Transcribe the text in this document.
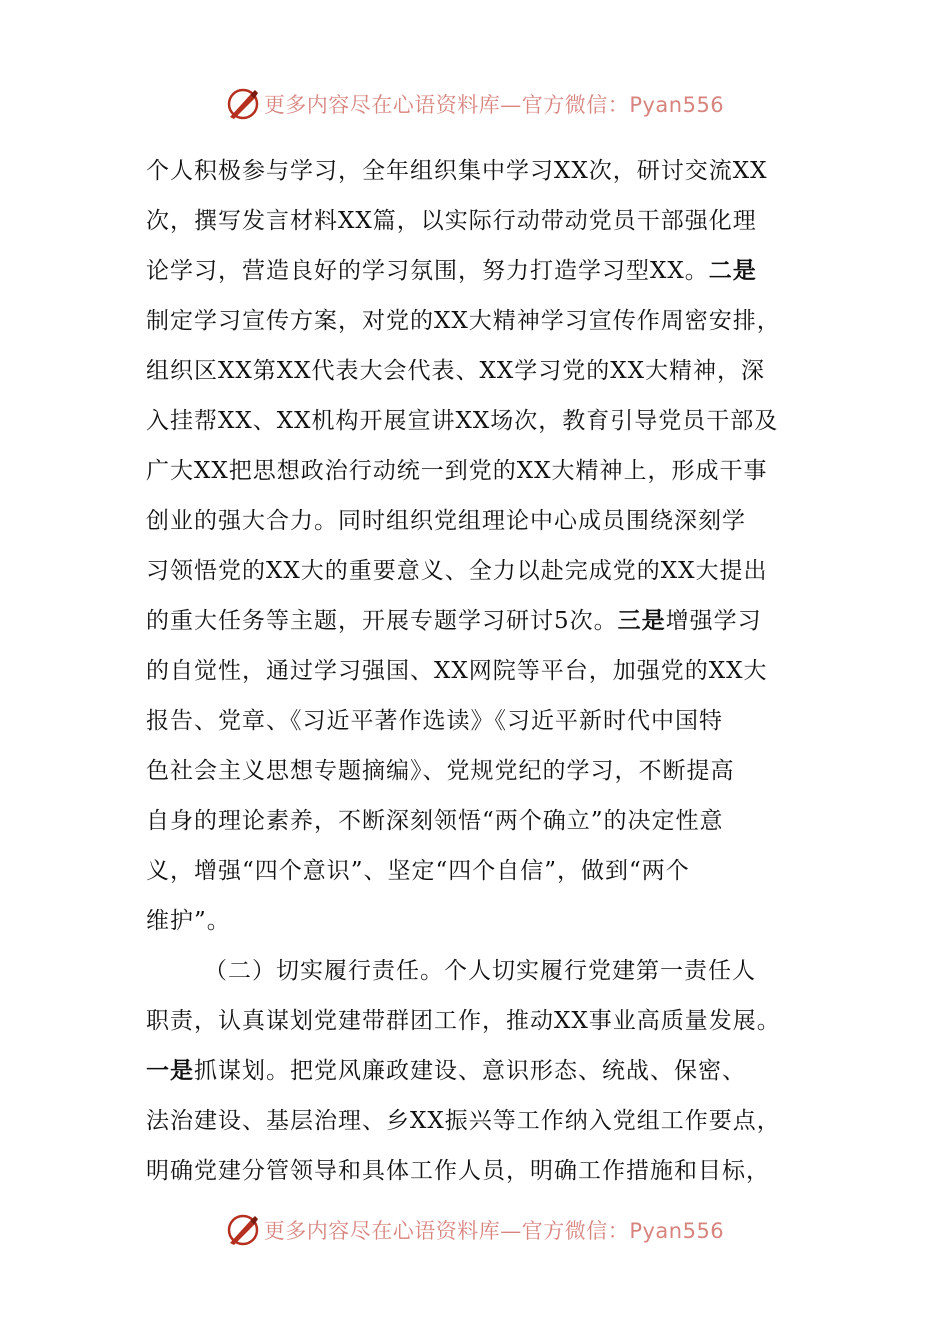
更多内容尽在心语资料库—官方微信：Pyan556
个人积极参与学习，全年组织集中学习XX次，研讨交流XX
次，撰写发言材料XX篇，以实际行动带动党员干部强化理
论学习，营造良好的学习氛围，努力打造学习型XX。二是
制定学习宣传方案，对党的XX大精神学习宣传作周密安排，
组织区XX第XX代表大会代表、XX学习党的XX大精神，深
入挂帮XX、XX机构开展宣讲XX场次，教育引导党员干部及
广大XX把思想政治行动统一到党的XX大精神上，形成干事
创业的强大合力。同时组织党组理论中心成员围绕深刻学
习领悟党的XX大的重要意义、全力以赴完成党的XX大提出
的重大任务等主题，开展专题学习研讨5次。三是增强学习
的自觉性，通过学习强国、XX网院等平台，加强党的XX大
报告、党章、《习近平著作选读》《习近平新时代中国特
色社会主义思想专题摘编》、党规党纪的学习，不断提高
自身的理论素养，不断深刻领悟“两个确立”的决定性意
义，增强“四个意识”、坚定“四个自信”，做到“两个
维护”。
（二）切实履行责任。个人切实履行党建第一责任人
职责，认真谋划党建带群团工作，推动XX事业高质量发展。
一是抓谋划。把党风廉政建设、意识形态、统战、保密、
法治建设、基层治理、乡XX振兴等工作纳入党组工作要点，
明确党建分管领导和具体工作人员，明确工作措施和目标，
更多内容尽在心语资料库—官方微信：Pyan556
